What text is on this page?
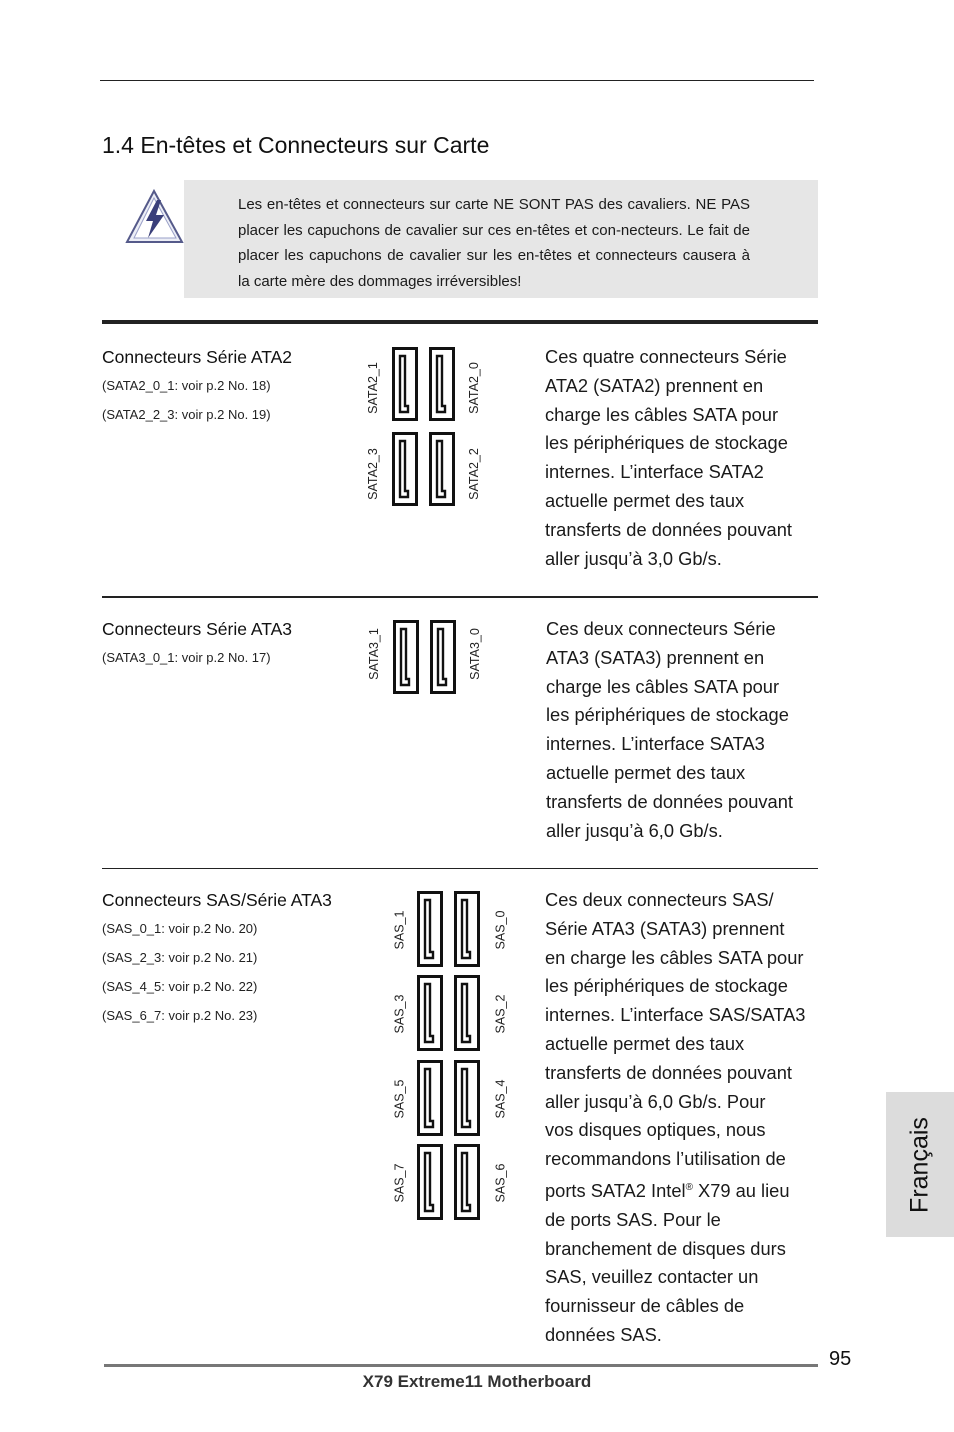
1.4 En-têtes et Connecteurs sur Carte
Les en-têtes et connecteurs sur carte NE SONT PAS des cavaliers. NE PAS placer les capuchons de cavalier sur ces en-têtes et con-necteurs. Le fait de placer les capuchons de cavalier sur les en-têtes et connecteurs causera à la carte mère des dommages irréversibles!
Connecteurs Série ATA2
(SATA2_0_1: voir p.2 No. 18)
(SATA2_2_3: voir p.2 No. 19)
Ces quatre connecteurs Série
ATA2 (SATA2) prennent en
charge les câbles SATA pour
les périphériques de stockage
internes. L’interface SATA2
actuelle permet des taux
transferts de données pouvant
aller jusqu’à 3,0 Gb/s.
Connecteurs Série ATA3
(SATA3_0_1: voir p.2 No. 17)
Ces deux connecteurs Série
ATA3 (SATA3) prennent en
charge les câbles SATA pour
les périphériques de stockage
internes. L’interface SATA3
actuelle permet des taux
transferts de données pouvant
aller jusqu’à 6,0 Gb/s.
Connecteurs SAS/Série ATA3
(SAS_0_1: voir p.2 No. 20)
(SAS_2_3: voir p.2 No. 21)
(SAS_4_5: voir p.2 No. 22)
(SAS_6_7: voir p.2 No. 23)
Ces deux connecteurs SAS/
Série ATA3 (SATA3) prennent
en charge les câbles SATA pour
les périphériques de stockage
internes. L’interface SAS/SATA3
actuelle permet des taux
transferts de données pouvant
aller jusqu’à 6,0 Gb/s. Pour
vos disques optiques, nous
recommandons l’utilisation de
ports SATA2 Intel® X79 au lieu
de ports SAS. Pour le
branchement de disques durs
SAS, veuillez contacter un
fournisseur de câbles de
données SAS.
Français
95
X79 Extreme11 Motherboard
SATA2_1	SATA2_0
SATA2_3	SATA2_2
SATA3_1	SATA3_0
SAS_1	SAS_0
SAS_3	SAS_2
SAS_5	SAS_4
SAS_7	SAS_6
